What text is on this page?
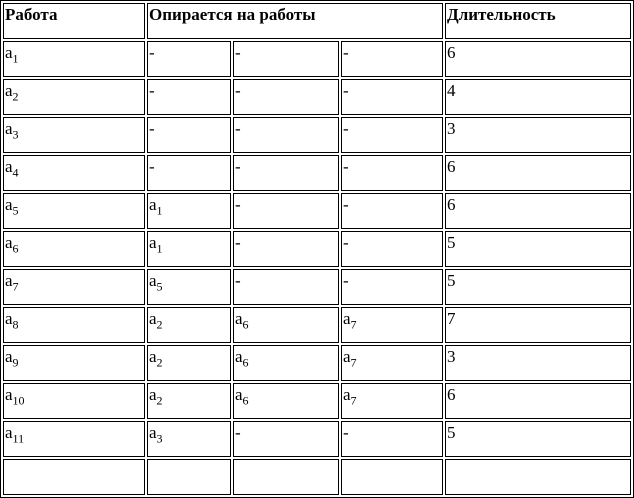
Работа	Опирается на работы			Длительность
$a_1$	-	-	-	6
$a_2$	-	-	-	4
$a_3$	-	-	-	3
$a_4$	-	-	-	6
$a_5$	$a_1$	-	-	6
$a_6$	$a_1$	-	-	5
$a_7$	$a_5$	-	-	5
$a_8$	$a_2$	$a_6$	$a_7$	7
$a_9$	$a_2$	$a_6$	$a_7$	3
$a_{10}$	$a_2$	$a_6$	$a_7$	6
$a_{11}$	$a_3$	-	-	5
